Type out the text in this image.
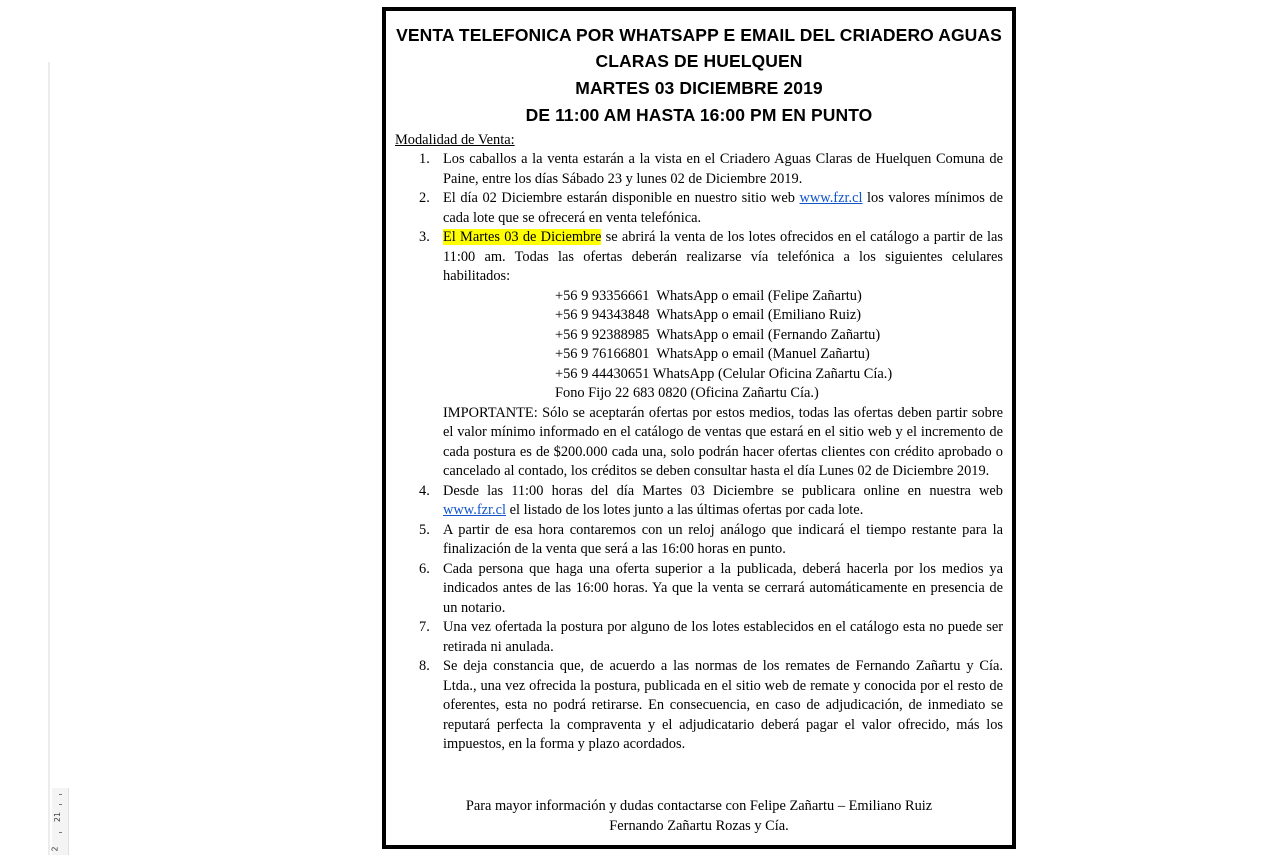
21
2
VENTA TELEFONICA POR WHATSAPP E EMAIL DEL CRIADERO AGUAS
CLARAS DE HUELQUEN
MARTES 03 DICIEMBRE 2019
DE 11:00 AM HASTA 16:00 PM EN PUNTO
Modalidad de Venta:
1. Los caballos a la venta estarán a la vista en el Criadero Aguas Claras de Huelquen Comuna de Paine, entre los días Sábado 23 y lunes 02 de Diciembre 2019.
2. El día 02 Diciembre estarán disponible en nuestro sitio web www.fzr.cl los valores mínimos de cada lote que se ofrecerá en venta telefónica.
3. El Martes 03 de Diciembre se abrirá la venta de los lotes ofrecidos en el catálogo a partir de las 11:00 am. Todas las ofertas deberán realizarse vía telefónica a los siguientes celulares habilitados:
+56 9 93356661  WhatsApp o email (Felipe Zañartu)
+56 9 94343848  WhatsApp o email (Emiliano Ruiz)
+56 9 92388985  WhatsApp o email (Fernando Zañartu)
+56 9 76166801  WhatsApp o email (Manuel Zañartu)
+56 9 44430651 WhatsApp (Celular Oficina Zañartu Cía.)
Fono Fijo 22 683 0820 (Oficina Zañartu Cía.)
IMPORTANTE: Sólo se aceptarán ofertas por estos medios, todas las ofertas deben partir sobre el valor mínimo informado en el catálogo de ventas que estará en el sitio web y el incremento de cada postura es de $200.000 cada una, solo podrán hacer ofertas clientes con crédito aprobado o cancelado al contado, los créditos se deben consultar hasta el día Lunes 02 de Diciembre 2019.
4. Desde las 11:00 horas del día Martes 03 Diciembre se publicara online en nuestra web www.fzr.cl el listado de los lotes junto a las últimas ofertas por cada lote.
5. A partir de esa hora contaremos con un reloj análogo que indicará el tiempo restante para la finalización de la venta que será a las 16:00 horas en punto.
6. Cada persona que haga una oferta superior a la publicada, deberá hacerla por los medios ya indicados antes de las 16:00 horas. Ya que la venta se cerrará automáticamente en presencia de un notario.
7. Una vez ofertada la postura por alguno de los lotes establecidos en el catálogo esta no puede ser retirada ni anulada.
8. Se deja constancia que, de acuerdo a las normas de los remates de Fernando Zañartu y Cía. Ltda., una vez ofrecida la postura, publicada en el sitio web de remate y conocida por el resto de oferentes, esta no podrá retirarse. En consecuencia, en caso de adjudicación, de inmediato se reputará perfecta la compraventa y el adjudicatario deberá pagar el valor ofrecido, más los impuestos, en la forma y plazo acordados.
Para mayor información y dudas contactarse con Felipe Zañartu – Emiliano Ruiz
Fernando Zañartu Rozas y Cía.
